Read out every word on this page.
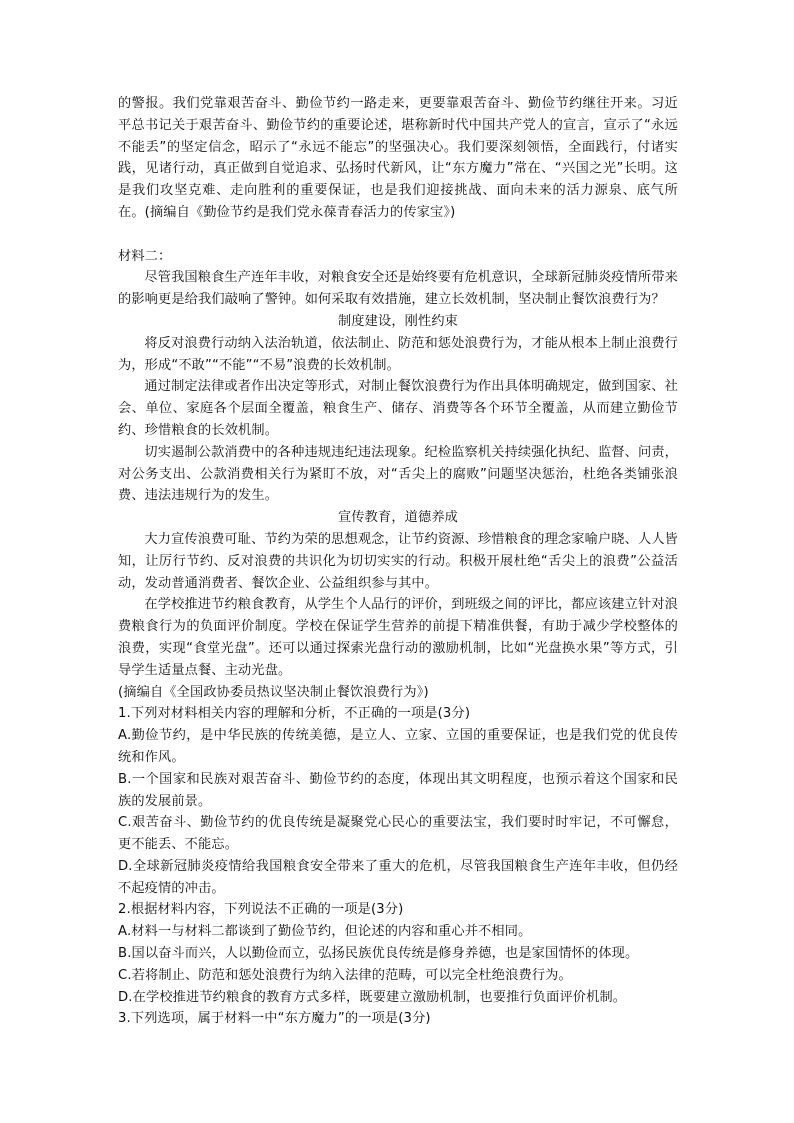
的警报。我们党靠艰苦奋斗、勤俭节约一路走来，更要靠艰苦奋斗、勤俭节约继往开来。习近平总书记关于艰苦奋斗、勤俭节约的重要论述，堪称新时代中国共产党人的宣言，宣示了“永远不能丢”的坚定信念，昭示了“永远不能忘”的坚强决心。我们要深刻领悟，全面践行，付诸实践，见诸行动，真正做到自觉追求、弘扬时代新风，让“东方魔力”常在、“兴国之光”长明。这是我们攻坚克难、走向胜利的重要保证，也是我们迎接挑战、面向未来的活力源泉、底气所在。(摘编自《勤俭节约是我们党永葆青春活力的传家宝》)

材料二：

尽管我国粮食生产连年丰收，对粮食安全还是始终要有危机意识，全球新冠肺炎疫情所带来的影响更是给我们敲响了警钟。如何采取有效措施，建立长效机制，坚决制止餐饮浪费行为？

制度建设，刚性约束

将反对浪费行动纳入法治轨道，依法制止、防范和惩处浪费行为，才能从根本上制止浪费行为，形成“不敢”“不能”“不易”浪费的长效机制。

通过制定法律或者作出决定等形式，对制止餐饮浪费行为作出具体明确规定，做到国家、社会、单位、家庭各个层面全覆盖，粮食生产、储存、消费等各个环节全覆盖，从而建立勤俭节约、珍惜粮食的长效机制。

切实遏制公款消费中的各种违规违纪违法现象。纪检监察机关持续强化执纪、监督、问责，对公务支出、公款消费相关行为紧盯不放，对“舌尖上的腐败”问题坚决惩治，杜绝各类铺张浪费、违法违规行为的发生。

宣传教育，道德养成

大力宣传浪费可耻、节约为荣的思想观念，让节约资源、珍惜粮食的理念家喻户晓、人人皆知，让厉行节约、反对浪费的共识化为切切实实的行动。积极开展杜绝“舌尖上的浪费”公益活动，发动普通消费者、餐饮企业、公益组织参与其中。

在学校推进节约粮食教育，从学生个人品行的评价，到班级之间的评比，都应该建立针对浪费粮食行为的负面评价制度。学校在保证学生营养的前提下精准供餐，有助于减少学校整体的浪费，实现“食堂光盘”。还可以通过探索光盘行动的激励机制，比如“光盘换水果”等方式，引导学生适量点餐、主动光盘。

(摘编自《全国政协委员热议坚决制止餐饮浪费行为》)

1.下列对材料相关内容的理解和分析，不正确的一项是(3分)

A.勤俭节约，是中华民族的传统美德，是立人、立家、立国的重要保证，也是我们党的优良传统和作风。

B.一个国家和民族对艰苦奋斗、勤俭节约的态度，体现出其文明程度，也预示着这个国家和民族的发展前景。

C.艰苦奋斗、勤俭节约的优良传统是凝聚党心民心的重要法宝，我们要时时牢记，不可懈怠，更不能丢、不能忘。

D.全球新冠肺炎疫情给我国粮食安全带来了重大的危机，尽管我国粮食生产连年丰收，但仍经不起疫情的冲击。

2.根据材料内容，下列说法不正确的一项是(3分)

A.材料一与材料二都谈到了勤俭节约，但论述的内容和重心并不相同。

B.国以奋斗而兴，人以勤俭而立，弘扬民族优良传统是修身养德，也是家国情怀的体现。

C.若将制止、防范和惩处浪费行为纳入法律的范畴，可以完全杜绝浪费行为。

D.在学校推进节约粮食的教育方式多样，既要建立激励机制，也要推行负面评价机制。

3.下列选项，属于材料一中“东方魔力”的一项是(3分)
